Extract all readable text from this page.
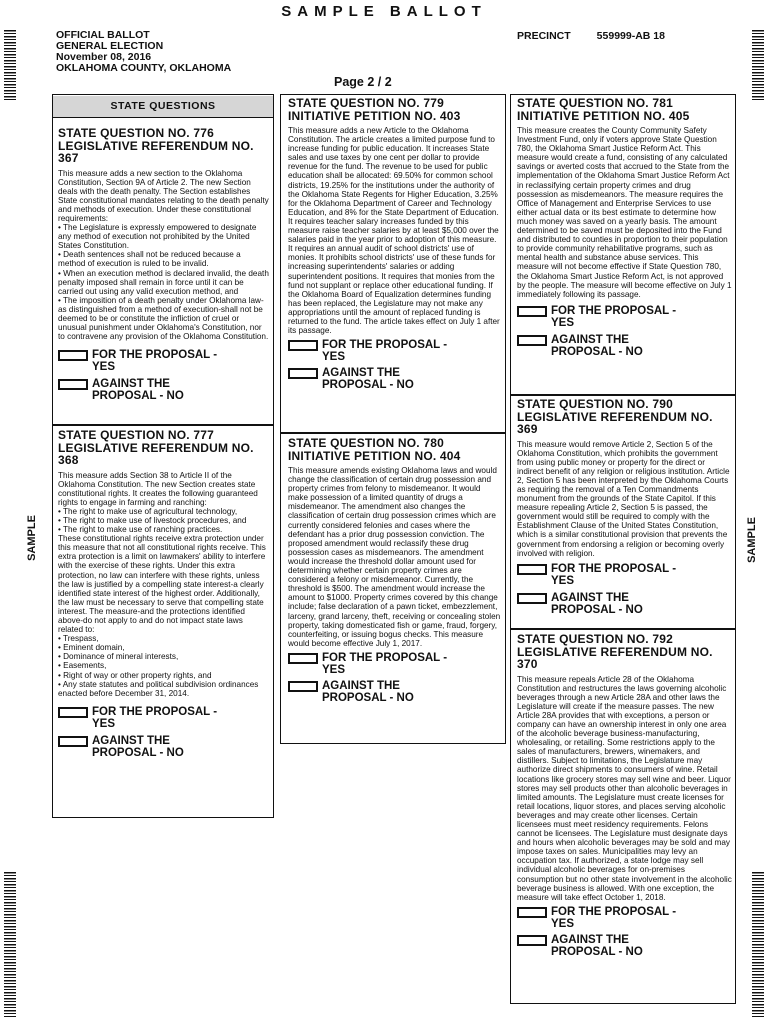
SAMPLE BALLOT
OFFICIAL BALLOT
GENERAL ELECTION
November 08, 2016
OKLAHOMA COUNTY, OKLAHOMA
PRECINCT 559999-AB 18
Page 2 / 2
SAMPLE	SAMPLE
STATE QUESTIONS
STATE QUESTION NO. 776 LEGISLATIVE REFERENDUM NO. 367
This measure adds a new section to the Oklahoma Constitution, Section 9A of Article 2. The new Section deals with the death penalty. The Section establishes State constitutional mandates relating to the death penalty and methods of execution. Under these constitutional requirements:
• The Legislature is expressly empowered to designate any method of execution not prohibited by the United States Constitution.
• Death sentences shall not be reduced because a method of execution is ruled to be invalid.
• When an execution method is declared invalid, the death penalty imposed shall remain in force until it can be carried out using any valid execution method, and
• The imposition of a death penalty under Oklahoma law-as distinguished from a method of execution-shall not be deemed to be or constitute the infliction of cruel or unusual punishment under Oklahoma's Constitution, nor to contravene any provision of the Oklahoma Constitution.
FOR THE PROPOSAL -
YES
AGAINST THE
PROPOSAL - NO
STATE QUESTION NO. 777 LEGISLATIVE REFERENDUM NO. 368
This measure adds Section 38 to Article II of the Oklahoma Constitution. The new Section creates state constitutional rights. It creates the following guaranteed rights to engage in farming and ranching:
• The right to make use of agricultural technology,
• The right to make use of livestock procedures, and
• The right to make use of ranching practices.
These constitutional rights receive extra protection under this measure that not all constitutional rights receive. This extra protection is a limit on lawmakers' ability to interfere with the exercise of these rights. Under this extra protection, no law can interfere with these rights, unless the law is justified by a compelling state interest-a clearly identified state interest of the highest order. Additionally, the law must be necessary to serve that compelling state interest. The measure-and the protections identified above-do not apply to and do not impact state laws related to:
• Trespass,
• Eminent domain,
• Dominance of mineral interests,
• Easements,
• Right of way or other property rights, and
• Any state statutes and political subdivision ordinances enacted before December 31, 2014.
FOR THE PROPOSAL -
YES
AGAINST THE
PROPOSAL - NO
STATE QUESTION NO. 779 INITIATIVE PETITION NO. 403
This measure adds a new Article to the Oklahoma Constitution. The article creates a limited purpose fund to increase funding for public education. It increases State sales and use taxes by one cent per dollar to provide revenue for the fund. The revenue to be used for public education shall be allocated: 69.50% for common school districts, 19.25% for the institutions under the authority of the Oklahoma State Regents for Higher Education, 3.25% for the Oklahoma Department of Career and Technology Education, and 8% for the State Department of Education. It requires teacher salary increases funded by this measure raise teacher salaries by at least $5,000 over the salaries paid in the year prior to adoption of this measure. It requires an annual audit of school districts' use of monies. It prohibits school districts' use of these funds for increasing superintendents' salaries or adding superintendent positions. It requires that monies from the fund not supplant or replace other educational funding. If the Oklahoma Board of Equalization determines funding has been replaced, the Legislature may not make any appropriations until the amount of replaced funding is returned to the fund. The article takes effect on July 1 after its passage.
FOR THE PROPOSAL -
YES
AGAINST THE
PROPOSAL - NO
STATE QUESTION NO. 780 INITIATIVE PETITION NO. 404
This measure amends existing Oklahoma laws and would change the classification of certain drug possession and property crimes from felony to misdemeanor. It would make possession of a limited quantity of drugs a misdemeanor. The amendment also changes the classification of certain drug possession crimes which are currently considered felonies and cases where the defendant has a prior drug possession conviction. The proposed amendment would reclassify these drug possession cases as misdemeanors. The amendment would increase the threshold dollar amount used for determining whether certain property crimes are considered a felony or misdemeanor. Currently, the threshold is $500. The amendment would increase the amount to $1000. Property crimes covered by this change include; false declaration of a pawn ticket, embezzlement, larceny, grand larceny, theft, receiving or concealing stolen property, taking domesticated fish or game, fraud, forgery, counterfeiting, or issuing bogus checks. This measure would become effective July 1, 2017.
FOR THE PROPOSAL -
YES
AGAINST THE
PROPOSAL - NO
STATE QUESTION NO. 781 INITIATIVE PETITION NO. 405
This measure creates the County Community Safety Investment Fund, only if voters approve State Question 780, the Oklahoma Smart Justice Reform Act. This measure would create a fund, consisting of any calculated savings or averted costs that accrued to the State from the implementation of the Oklahoma Smart Justice Reform Act in reclassifying certain property crimes and drug possession as misdemeanors. The measure requires the Office of Management and Enterprise Services to use either actual data or its best estimate to determine how much money was saved on a yearly basis. The amount determined to be saved must be deposited into the Fund and distributed to counties in proportion to their population to provide community rehabilitative programs, such as mental health and substance abuse services. This measure will not become effective if State Question 780, the Oklahoma Smart Justice Reform Act, is not approved by the people. The measure will become effective on July 1 immediately following its passage.
FOR THE PROPOSAL -
YES
AGAINST THE
PROPOSAL - NO
STATE QUESTION NO. 790 LEGISLATIVE REFERENDUM NO. 369
This measure would remove Article 2, Section 5 of the Oklahoma Constitution, which prohibits the government from using public money or property for the direct or indirect benefit of any religion or religious institution. Article 2, Section 5 has been interpreted by the Oklahoma Courts as requiring the removal of a Ten Commandments monument from the grounds of the State Capitol. If this measure repealing Article 2, Section 5 is passed, the government would still be required to comply with the Establishment Clause of the United States Constitution, which is a similar constitutional provision that prevents the government from endorsing a religion or becoming overly involved with religion.
FOR THE PROPOSAL -
YES
AGAINST THE
PROPOSAL - NO
STATE QUESTION NO. 792 LEGISLATIVE REFERENDUM NO. 370
This measure repeals Article 28 of the Oklahoma Constitution and restructures the laws governing alcoholic beverages through a new Article 28A and other laws the Legislature will create if the measure passes. The new Article 28A provides that with exceptions, a person or company can have an ownership interest in only one area of the alcoholic beverage business-manufacturing, wholesaling, or retailing. Some restrictions apply to the sales of manufacturers, brewers, winemakers, and distillers. Subject to limitations, the Legislature may authorize direct shipments to consumers of wine. Retail locations like grocery stores may sell wine and beer. Liquor stores may sell products other than alcoholic beverages in limited amounts. The Legislature must create licenses for retail locations, liquor stores, and places serving alcoholic beverages and may create other licenses. Certain licensees must meet residency requirements. Felons cannot be licensees. The Legislature must designate days and hours when alcoholic beverages may be sold and may impose taxes on sales. Municipalities may levy an occupation tax. If authorized, a state lodge may sell individual alcoholic beverages for on-premises consumption but no other state involvement in the alcoholic beverage business is allowed. With one exception, the measure will take effect October 1, 2018.
FOR THE PROPOSAL -
YES
AGAINST THE
PROPOSAL - NO
